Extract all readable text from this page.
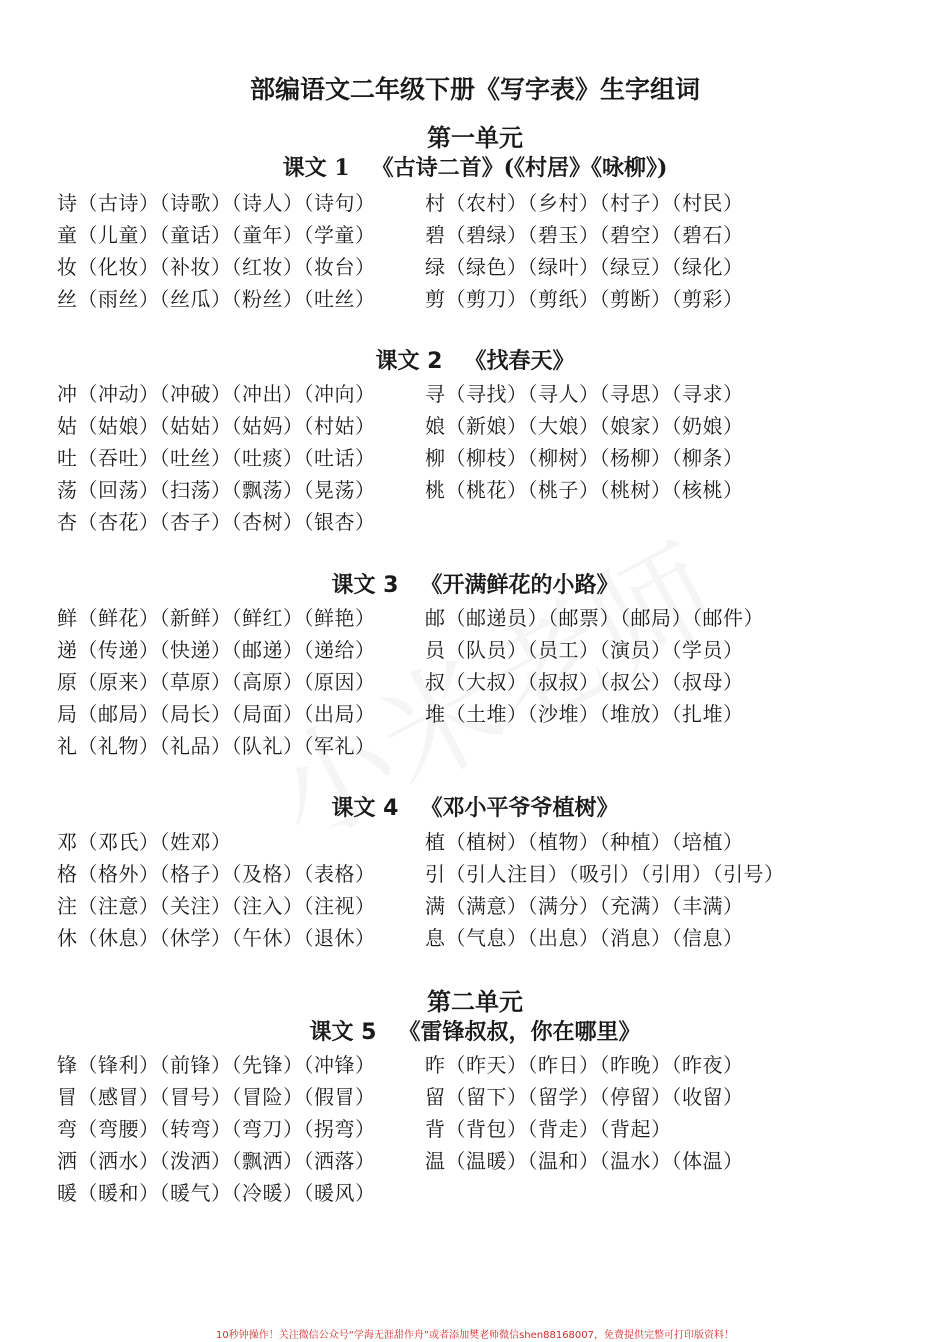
部编语文二年级下册《写字表》生字组词
第一单元
课文 1 《古诗二首》(《村居》《咏柳》)
诗（古诗）（诗歌）（诗人）（诗句）
童（儿童）（童话）（童年）（学童）
妆（化妆）（补妆）（红妆）（妆台）
丝（雨丝）（丝瓜）（粉丝）（吐丝）
村（农村）（乡村）（村子）（村民）
碧（碧绿）（碧玉）（碧空）（碧石）
绿（绿色）（绿叶）（绿豆）（绿化）
剪（剪刀）（剪纸）（剪断）（剪彩）
课文 2 《找春天》
冲（冲动）（冲破）（冲出）（冲向）
姑（姑娘）（姑姑）（姑妈）（村姑）
吐（吞吐）（吐丝）（吐痰）（吐话）
荡（回荡）（扫荡）（飘荡）（晃荡）
杏（杏花）（杏子）（杏树）（银杏）
寻（寻找）（寻人）（寻思）（寻求）
娘（新娘）（大娘）（娘家）（奶娘）
柳（柳枝）（柳树）（杨柳）（柳条）
桃（桃花）（桃子）（桃树）（核桃）
课文 3 《开满鲜花的小路》
鲜（鲜花）（新鲜）（鲜红）（鲜艳）
递（传递）（快递）（邮递）（递给）
原（原来）（草原）（高原）（原因）
局（邮局）（局长）（局面）（出局）
礼（礼物）（礼品）（队礼）（军礼）
邮（邮递员）（邮票）（邮局）（邮件）
员（队员）（员工）（演员）（学员）
叔（大叔）（叔叔）（叔公）（叔母）
堆（土堆）（沙堆）（堆放）（扎堆）
课文 4 《邓小平爷爷植树》
邓（邓氏）（姓邓）
格（格外）（格子）（及格）（表格）
注（注意）（关注）（注入）（注视）
休（休息）（休学）（午休）（退休）
植（植树）（植物）（种植）（培植）
引（引人注目）（吸引）（引用）（引号）
满（满意）（满分）（充满）（丰满）
息（气息）（出息）（消息）（信息）
第二单元
课文 5 《雷锋叔叔，你在哪里》
锋（锋利）（前锋）（先锋）（冲锋）
冒（感冒）（冒号）（冒险）（假冒）
弯（弯腰）（转弯）（弯刀）（拐弯）
洒（洒水）（泼洒）（飘洒）（洒落）
暖（暖和）（暖气）（冷暖）（暖风）
昨（昨天）（昨日）（昨晚）（昨夜）
留（留下）（留学）（停留）（收留）
背（背包）（背走）（背起）
温（温暖）（温和）（温水）（体温）
10秒钟操作！关注微信公众号“学海无涯甜作舟”或者添加樊老师微信shen88168007，免费提供完整可打印版资料！
